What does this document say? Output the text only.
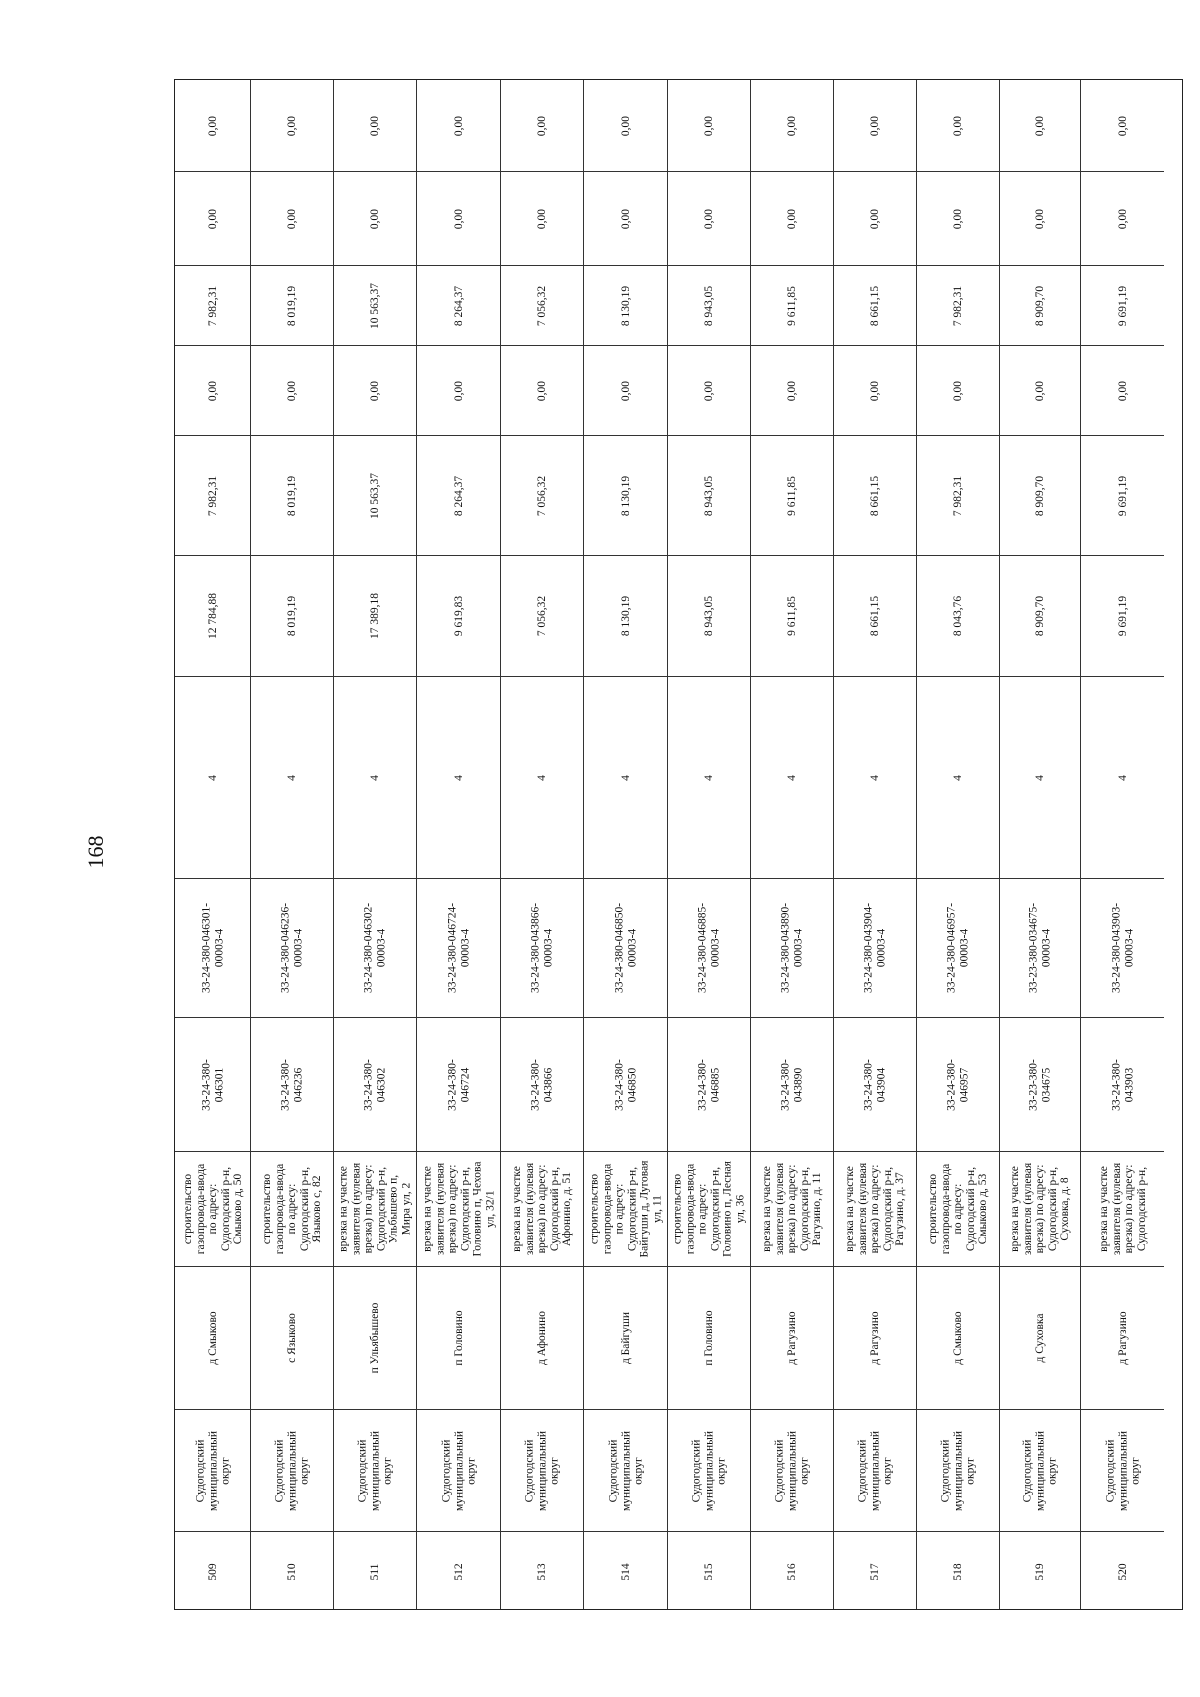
168
509
Судогодский
муниципальный
округ
д Смыково
строительство
газопровода-ввода
по адресу:
Судогодский р-н,
Смыково д, 50
33-24-380-
046301
33-24-380-046301-
00003-4
4
12 784,88
7 982,31
0,00
7 982,31
0,00
0,00
510
Судогодский
муниципальный
округ
с Языково
строительство
газопровода-ввода
по адресу:
Судогодский р-н,
Языково с, 82
33-24-380-
046236
33-24-380-046236-
00003-4
4
8 019,19
8 019,19
0,00
8 019,19
0,00
0,00
511
Судогодский
муниципальный
округ
п Ульябышево
врезка на участке
заявителя (нулевая
врезка) по адресу:
Судогодский р-н,
Ульбышево п,
Мира ул, 2
33-24-380-
046302
33-24-380-046302-
00003-4
4
17 389,18
10 563,37
0,00
10 563,37
0,00
0,00
512
Судогодский
муниципальный
округ
п Головино
врезка на участке
заявителя (нулевая
врезка) по адресу:
Судогодский р-н,
Головино п, Чехова
ул, 32/1
33-24-380-
046724
33-24-380-046724-
00003-4
4
9 619,83
8 264,37
0,00
8 264,37
0,00
0,00
513
Судогодский
муниципальный
округ
д Афонино
врезка на участке
заявителя (нулевая
врезка) по адресу:
Судогодский р-н,
Афонино, д. 51
33-24-380-
043866
33-24-380-043866-
00003-4
4
7 056,32
7 056,32
0,00
7 056,32
0,00
0,00
514
Судогодский
муниципальный
округ
д Байгуши
строительство
газопровода-ввода
по адресу:
Судогодский р-н,
Байгуши д, Луговая
ул, 11
33-24-380-
046850
33-24-380-046850-
00003-4
4
8 130,19
8 130,19
0,00
8 130,19
0,00
0,00
515
Судогодский
муниципальный
округ
п Головино
строительство
газопровода-ввода
по адресу:
Судогодский р-н,
Головино п, Лесная
ул, 36
33-24-380-
046885
33-24-380-046885-
00003-4
4
8 943,05
8 943,05
0,00
8 943,05
0,00
0,00
516
Судогодский
муниципальный
округ
д Рагузино
врезка на участке
заявителя (нулевая
врезка) по адресу:
Судогодский р-н,
Рагузино, д. 11
33-24-380-
043890
33-24-380-043890-
00003-4
4
9 611,85
9 611,85
0,00
9 611,85
0,00
0,00
517
Судогодский
муниципальный
округ
д Рагузино
врезка на участке
заявителя (нулевая
врезка) по адресу:
Судогодский р-н,
Рагузино, д. 37
33-24-380-
043904
33-24-380-043904-
00003-4
4
8 661,15
8 661,15
0,00
8 661,15
0,00
0,00
518
Судогодский
муниципальный
округ
д Смыково
строительство
газопровода-ввода
по адресу:
Судогодский р-н,
Смыково д, 53
33-24-380-
046957
33-24-380-046957-
00003-4
4
8 043,76
7 982,31
0,00
7 982,31
0,00
0,00
519
Судогодский
муниципальный
округ
д Суховка
врезка на участке
заявителя (нулевая
врезка) по адресу:
Судогодский р-н,
Суховка, д. 8
33-23-380-
034675
33-23-380-034675-
00003-4
4
8 909,70
8 909,70
0,00
8 909,70
0,00
0,00
520
Судогодский
муниципальный
округ
д Рагузино
врезка на участке
заявителя (нулевая
врезка) по адресу:
Судогодский р-н,
33-24-380-
043903
33-24-380-043903-
00003-4
4
9 691,19
9 691,19
0,00
9 691,19
0,00
0,00
